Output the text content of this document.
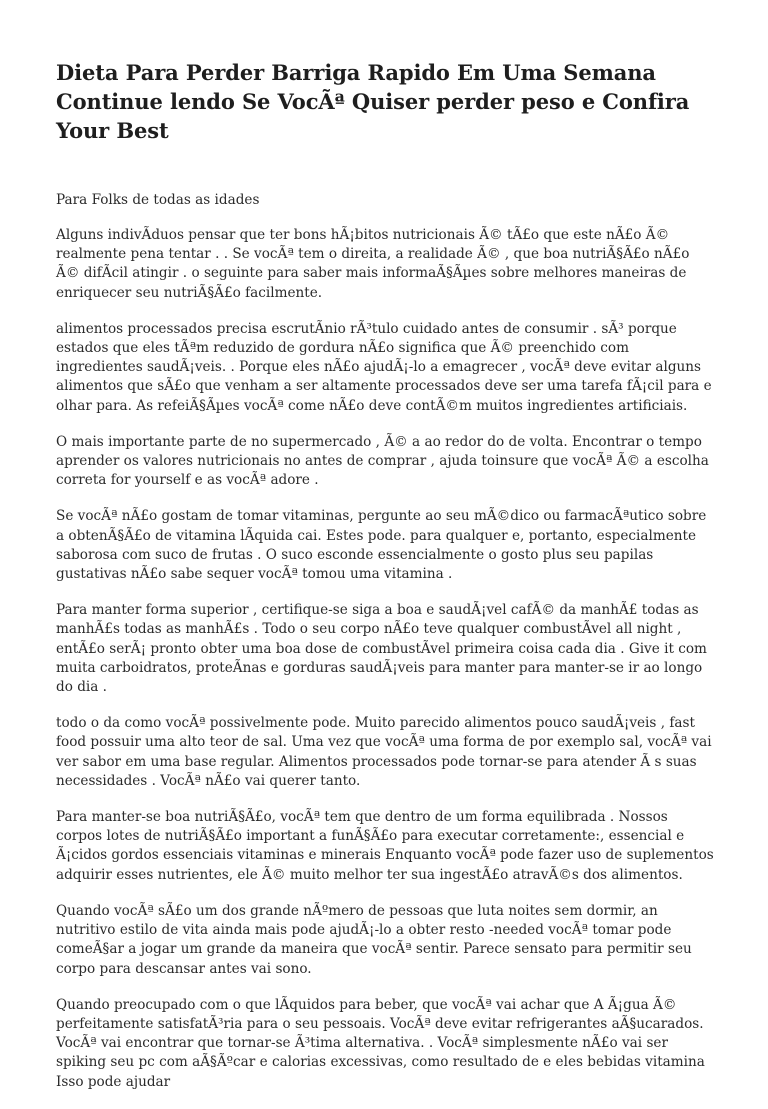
Dieta Para Perder Barriga Rapido Em Uma Semana Continue lendo Se VocÃª Quiser perder peso e Confira Your Best

Para Folks de todas as idades

Alguns indivÃduos pensar que ter bons hÃ¡bitos nutricionais Ã© tÃ£o que este nÃ£o Ã© realmente pena tentar . . Se vocÃª tem o direita, a realidade Ã© , que boa nutriÃ§Ã£o nÃ£o Ã© difÃcil atingir . o seguinte para saber mais informaÃ§Ãµes sobre melhores maneiras de enriquecer seu nutriÃ§Ã£o facilmente.

alimentos processados precisa escrutÃnio rÃ³tulo cuidado antes de consumir . sÃ³ porque estados que eles tÃªm reduzido de gordura nÃ£o significa que Ã© preenchido com ingredientes saudÃ¡veis. . Porque eles nÃ£o ajudÃ¡-lo a emagrecer , vocÃª deve evitar alguns alimentos que sÃ£o que venham a ser altamente processados deve ser uma tarefa fÃ¡cil para e olhar para. As refeiÃ§Ãµes vocÃª come nÃ£o deve contÃ©m muitos ingredientes artificiais.

O mais importante parte de no supermercado , Ã© a ao redor do de volta. Encontrar o tempo aprender os valores nutricionais no antes de comprar , ajuda toinsure que vocÃª Ã© a escolha correta for yourself e as vocÃª adore .

Se vocÃª nÃ£o gostam de tomar vitaminas, pergunte ao seu mÃ©dico ou farmacÃªutico sobre a obtenÃ§Ã£o de vitamina lÃquida cai. Estes pode. para qualquer e, portanto, especialmente saborosa com suco de frutas . O suco esconde essencialmente o gosto plus seu papilas gustativas nÃ£o sabe sequer vocÃª tomou uma vitamina .

Para manter forma superior , certifique-se siga a boa e saudÃ¡vel cafÃ© da manhÃ£ todas as manhÃ£s todas as manhÃ£s . Todo o seu corpo nÃ£o teve qualquer combustÃvel all night , entÃ£o serÃ¡ pronto obter uma boa dose de combustÃvel primeira coisa cada dia . Give it com muita carboidratos, proteÃnas e gorduras saudÃ¡veis para manter para manter-se ir ao longo do dia .

todo o da como vocÃª possivelmente pode. Muito parecido alimentos pouco saudÃ¡veis , fast food possuir uma alto teor de sal. Uma vez que vocÃª uma forma de por exemplo sal, vocÃª vai ver sabor em uma base regular. Alimentos processados pode tornar-se para atender Ã s suas necessidades . VocÃª nÃ£o vai querer tanto.

Para manter-se boa nutriÃ§Ã£o, vocÃª tem que dentro de um forma equilibrada . Nossos corpos lotes de nutriÃ§Ã£o important a funÃ§Ã£o para executar corretamente:, essencial e Ã¡cidos gordos essenciais vitaminas e minerais Enquanto vocÃª pode fazer uso de suplementos adquirir esses nutrientes, ele Ã© muito melhor ter sua ingestÃ£o atravÃ©s dos alimentos.

Quando vocÃª sÃ£o um dos grande nÃºmero de pessoas que luta noites sem dormir, an nutritivo estilo de vita ainda mais pode ajudÃ¡-lo a obter resto -needed vocÃª tomar pode comeÃ§ar a jogar um grande da maneira que vocÃª sentir. Parece sensato para permitir seu corpo para descansar antes vai sono.

Quando preocupado com o que lÃquidos para beber, que vocÃª vai achar que A Ã¡gua Ã© perfeitamente satisfatÃ³ria para o seu pessoais. VocÃª deve evitar refrigerantes aÃ§ucarados. VocÃª vai encontrar que tornar-se Ã³tima alternativa. . VocÃª simplesmente nÃ£o vai ser spiking seu pc com aÃ§Ãºcar e calorias excessivas, como resultado de e eles bebidas vitamina Isso pode ajudar
